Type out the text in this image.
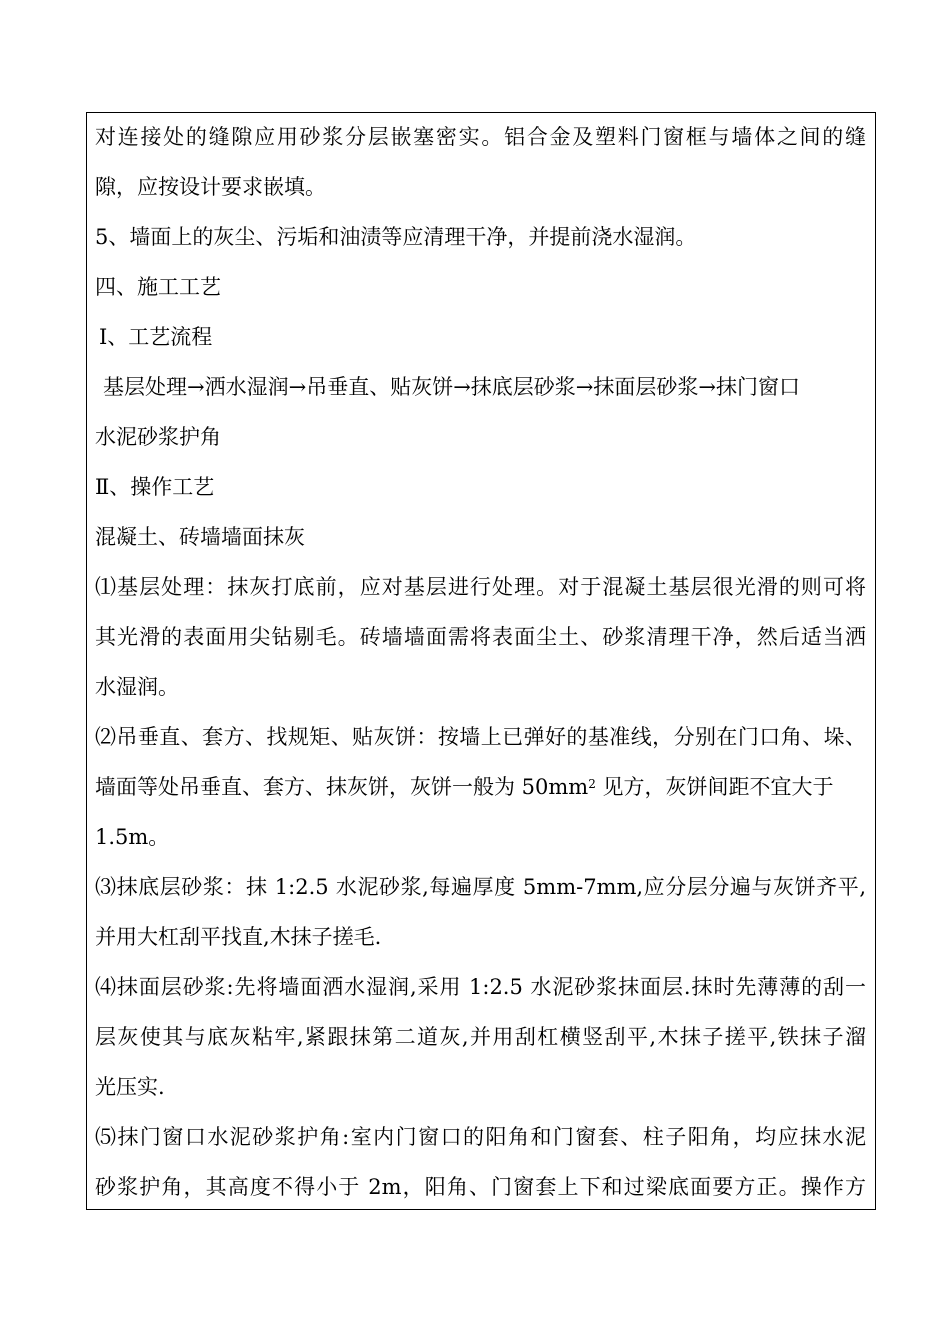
对连接处的缝隙应用砂浆分层嵌塞密实。铝合金及塑料门窗框与墙体之间的缝
隙，应按设计要求嵌填。
5、墙面上的灰尘、污垢和油渍等应清理干净，并提前浇水湿润。
四、施工工艺
Ⅰ、工艺流程
基层处理→洒水湿润→吊垂直、贴灰饼→抹底层砂浆→抹面层砂浆→抹门窗口
水泥砂浆护角
Ⅱ、操作工艺
混凝土、砖墙墙面抹灰
⑴基层处理：抹灰打底前，应对基层进行处理。对于混凝土基层很光滑的则可将
其光滑的表面用尖钻剔毛。砖墙墙面需将表面尘土、砂浆清理干净，然后适当洒
水湿润。
⑵吊垂直、套方、找规矩、贴灰饼：按墙上已弹好的基准线，分别在门口角、垛、
墙面等处吊垂直、套方、抹灰饼，灰饼一般为 $50mm^2$ 见方，灰饼间距不宜大于
1.5m。
⑶抹底层砂浆：抹 1:2.5 水泥砂浆,每遍厚度 5mm-7mm,应分层分遍与灰饼齐平,
并用大杠刮平找直,木抹子搓毛.
⑷抹面层砂浆:先将墙面洒水湿润,采用 1:2.5 水泥砂浆抹面层.抹时先薄薄的刮一
层灰使其与底灰粘牢,紧跟抹第二道灰,并用刮杠横竖刮平,木抹子搓平,铁抹子溜
光压实.
⑸抹门窗口水泥砂浆护角:室内门窗口的阳角和门窗套、柱子阳角，均应抹水泥
砂浆护角，其高度不得小于 2m，阳角、门窗套上下和过梁底面要方正。操作方
